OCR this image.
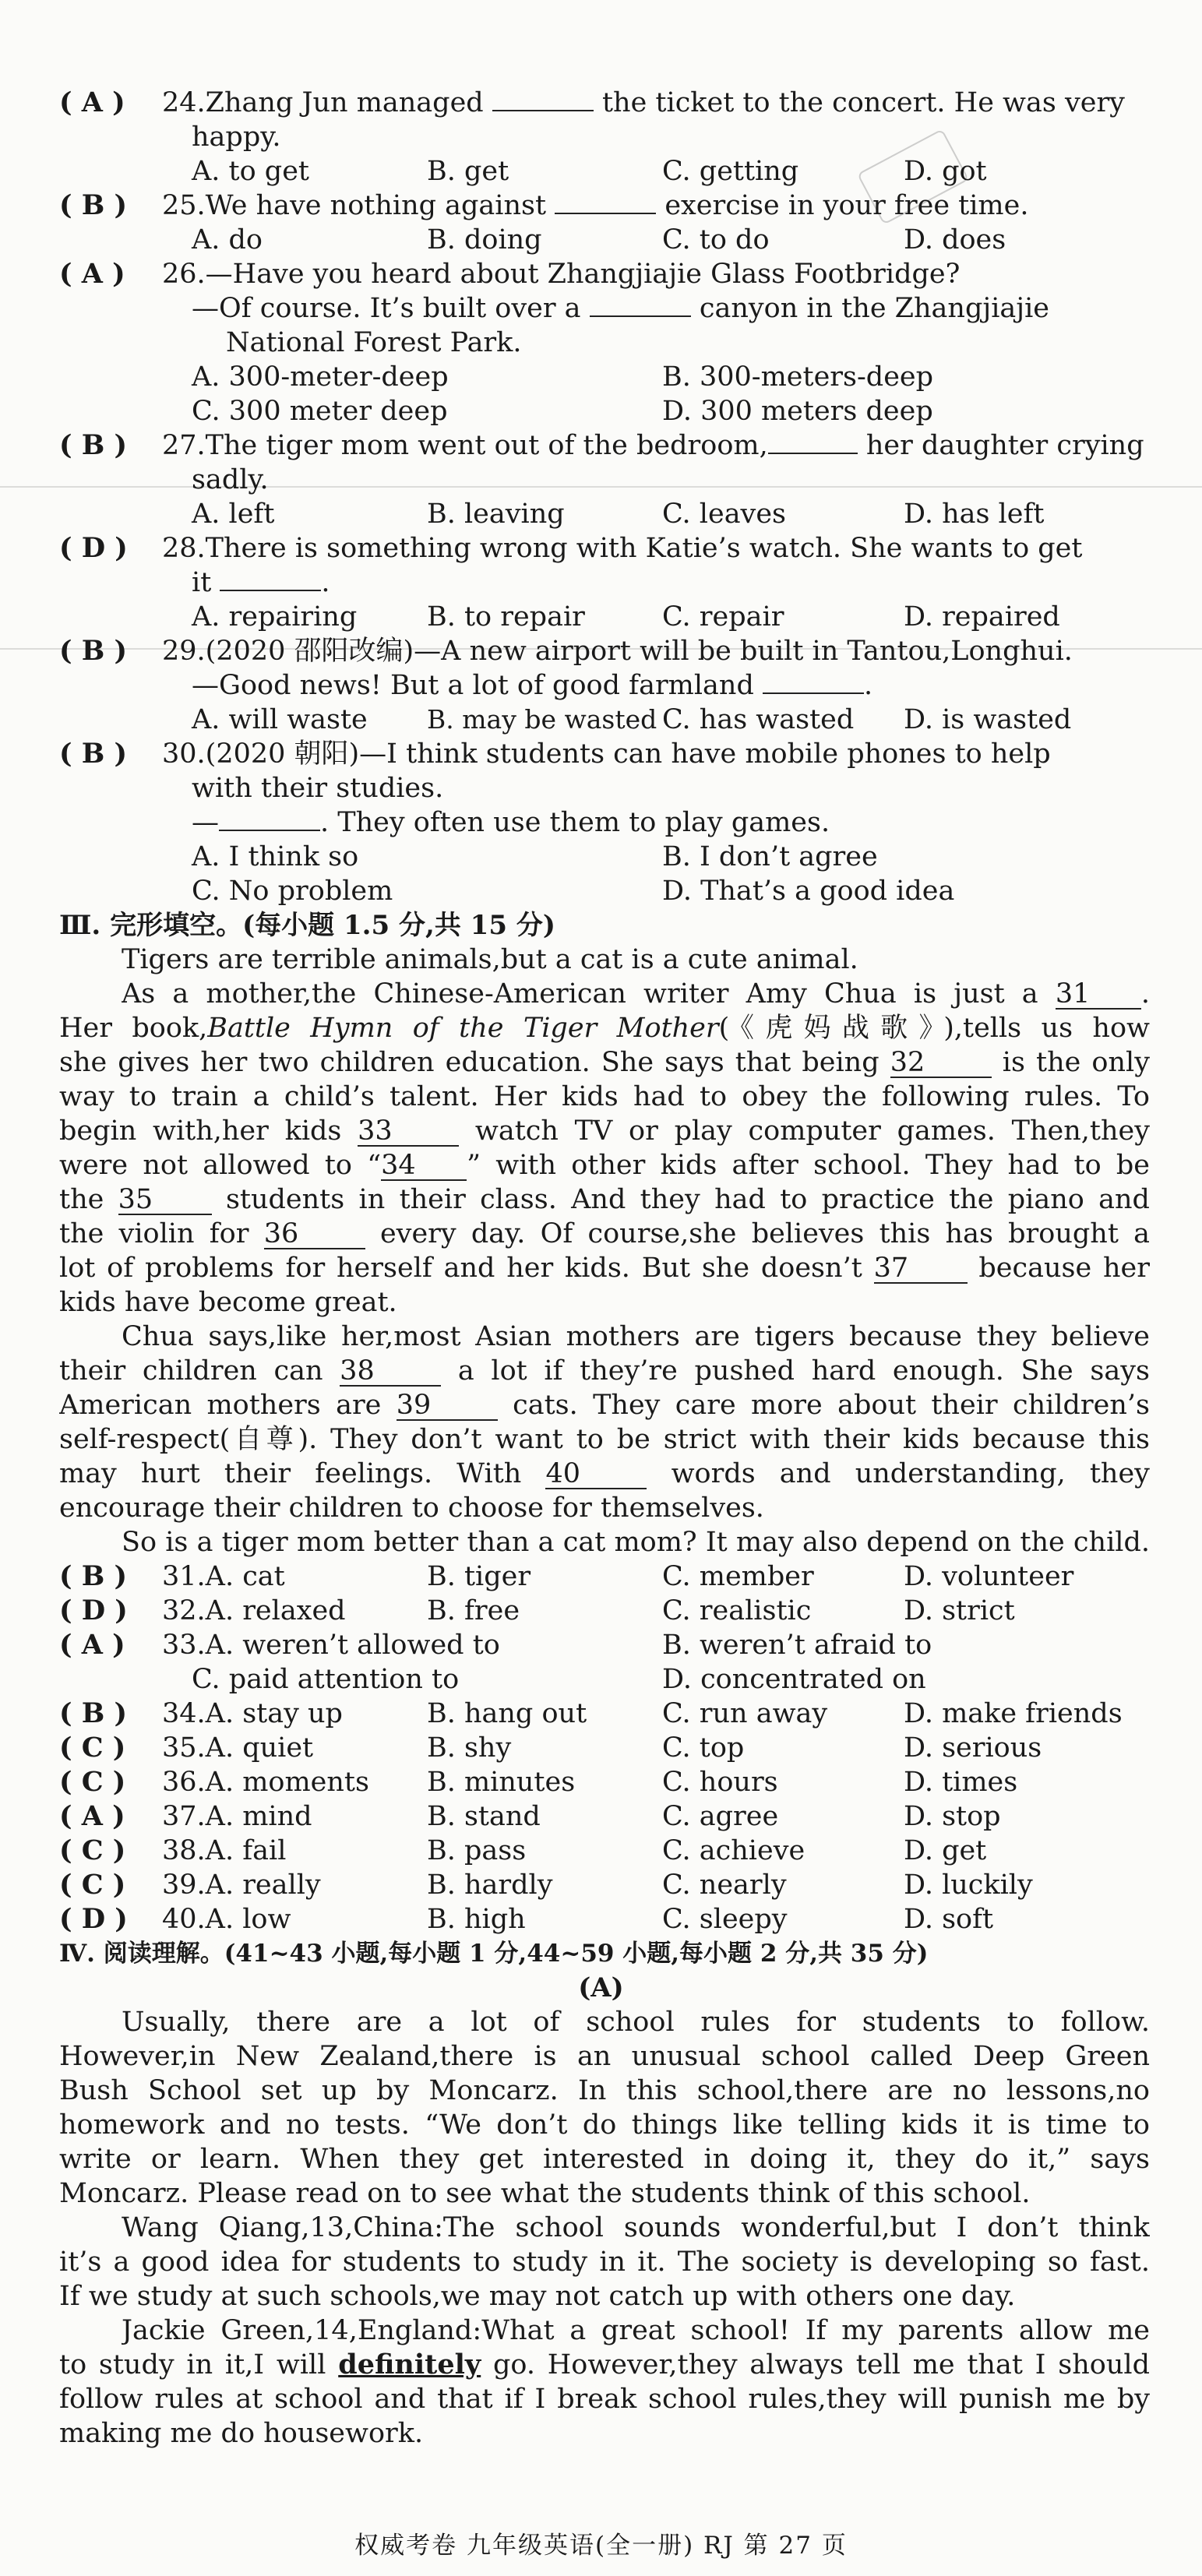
( A ) 24.Zhang Jun managed	the ticket to the concert. He was very
happy.
A. to get	B. get	C. getting	D. got
( B ) 25.We have nothing against	exercise in your free time.
A. do	B. doing	C. to do	D. does
( A ) 26.—Have you heard about Zhangjiajie Glass Footbridge?
—Of course. It’s built over a	canyon in the Zhangjiajie
National Forest Park.
A. 300-meter-deep	B. 300-meters-deep
C. 300 meter deep	D. 300 meters deep
( B ) 27.The tiger mom went out of the bedroom,	her daughter crying
sadly.
A. left	B. leaving	C. leaves	D. has left
( D ) 28.There is something wrong with Katie’s watch. She wants to get
it	.
A. repairing	B. to repair	C. repair	D. repaired
( B ) 29.(2020 邵阳改编)—A new airport will be built in Tantou,Longhui.
—Good news! But a lot of good farmland	.
A. will waste B. may be wasted C. has wasted D. is wasted
( B ) 30.(2020 朝阳)—I think students can have mobile phones to help
with their studies.
—	. They often use them to play games.
A. I think so	B. I don’t agree
C. No problem	D. That’s a good idea
Ⅲ. 完形填空。(每小题 1.5 分,共 15 分)
Tigers are terrible animals,but a cat is a cute animal.
As a mother,the Chinese-American writer Amy Chua is just a 31 .
Her book,Battle Hymn of the Tiger Mother(《虎妈战歌》),tells us how
she gives her two children education. She says that being 32	is the only
way to train a child’s talent. Her kids had to obey the following rules. To
begin with,her kids 33	watch TV or play computer games. Then,they
were not allowed to “34 ” with other kids after school. They had to be
the 35	students in their class. And they had to practice the piano and
the violin for 36	every day. Of course,she believes this has brought a
lot of problems for herself and her kids. But she doesn’t 37	because her
kids have become great.
Chua says,like her,most Asian mothers are tigers because they believe
their children can 38	a lot if they’re pushed hard enough. She says
American mothers are 39	cats. They care more about their children’s
self-respect(自尊). They don’t want to be strict with their kids because this
may hurt their feelings. With 40	words and understanding, they
encourage their children to choose for themselves.
So is a tiger mom better than a cat mom? It may also depend on the child.
( B ) 31.A. cat	B. tiger	C. member	D. volunteer
( D ) 32.A. relaxed	B. free	C. realistic	D. strict
( A ) 33.A. weren’t allowed to	B. weren’t afraid to
C. paid attention to	D. concentrated on
( B ) 34.A. stay up	B. hang out	C. run away	D. make friends
( C ) 35.A. quiet	B. shy	C. top	D. serious
( C ) 36.A. moments B. minutes	C. hours	D. times
( A ) 37.A. mind	B. stand	C. agree	D. stop
( C ) 38.A. fail	B. pass	C. achieve	D. get
( C ) 39.A. really	B. hardly	C. nearly	D. luckily
( D ) 40.A. low	B. high	C. sleepy	D. soft
Ⅳ. 阅读理解。(41~43 小题,每小题 1 分,44~59 小题,每小题 2 分,共 35 分)
(A)
Usually, there are a lot of school rules for students to follow.
However,in New Zealand,there is an unusual school called Deep Green
Bush School set up by Moncarz. In this school,there are no lessons,no
homework and no tests. “We don’t do things like telling kids it is time to
write or learn. When they get interested in doing it, they do it,” says
Moncarz. Please read on to see what the students think of this school.
Wang Qiang,13,China:The school sounds wonderful,but I don’t think
it’s a good idea for students to study in it. The society is developing so fast.
If we study at such schools,we may not catch up with others one day.
Jackie Green,14,England:What a great school! If my parents allow me
to study in it,I will definitely go. However,they always tell me that I should
follow rules at school and that if I break school rules,they will punish me by
making me do housework.
权威考卷 九年级英语(全一册) RJ 第 27 页
